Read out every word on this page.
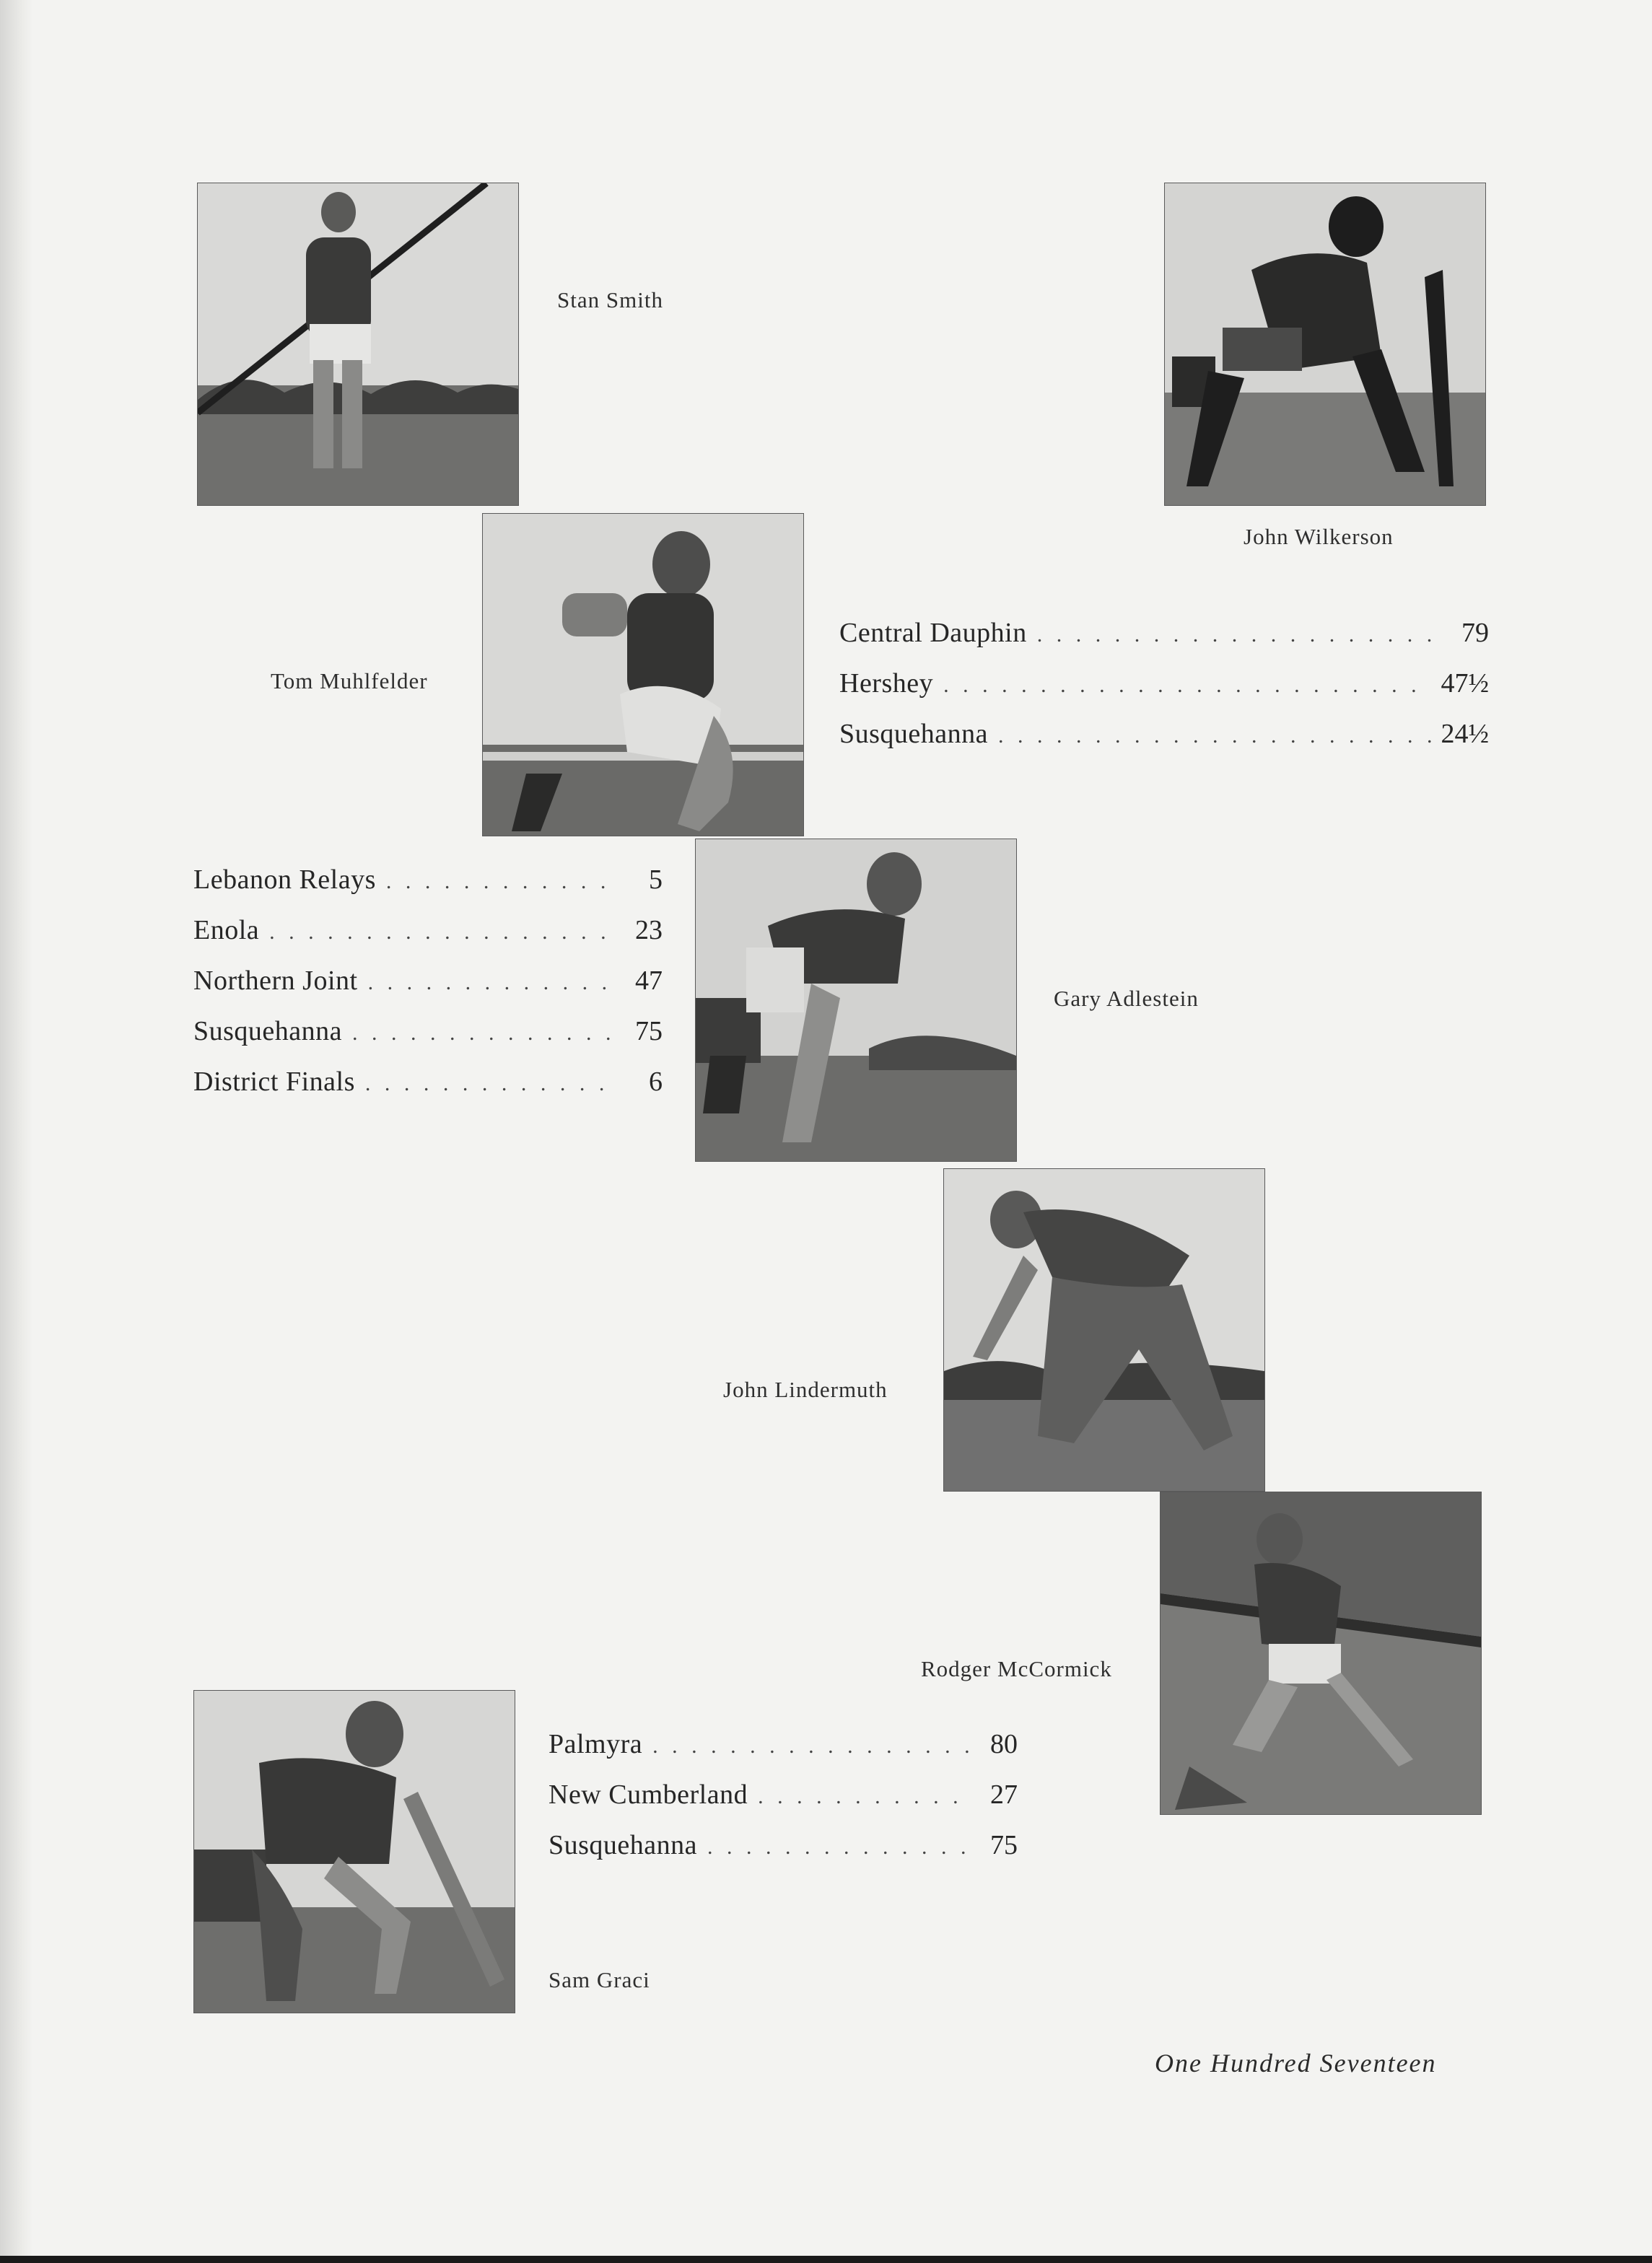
Stan Smith
John Wilkerson
Tom Muhlfelder
Central Dauphin . . .	79
Hershey . . .	47½
Susquehanna . . .	24½
Lebanon Relays . . .	5
Enola . . .	23
Northern Joint . . .	47
Susquehanna . . .	75
District Finals . . .	6
Gary Adlestein
John Lindermuth
Rodger McCormick
Sam Graci
Palmyra . . .	80
New Cumberland . . .	27
Susquehanna . . .	75
One Hundred Seventeen
